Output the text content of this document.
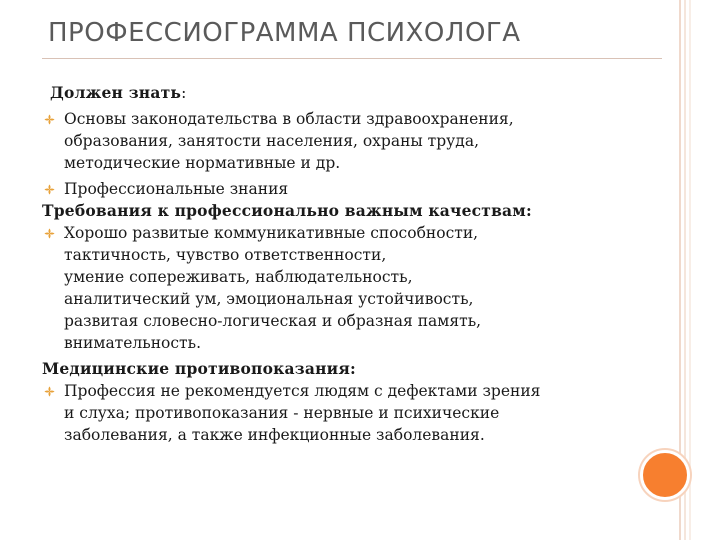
ПРОФЕССИОГРАММА ПСИХОЛОГА
Должен знать:
Основы законодательства в области здравоохранения,
образования, занятости населения, охраны труда,
методические нормативные и др.
Профессиональные знания
Требования к профессионально важным качествам:
Хорошо развитые коммуникативные способности,
тактичность, чувство ответственности,
умение сопереживать, наблюдательность,
аналитический ум, эмоциональная устойчивость,
развитая словесно-логическая и образная память,
внимательность.
Медицинские противопоказания:
Профессия не рекомендуется людям с дефектами зрения
и слуха; противопоказания - нервные и психические
заболевания, а также инфекционные заболевания.
